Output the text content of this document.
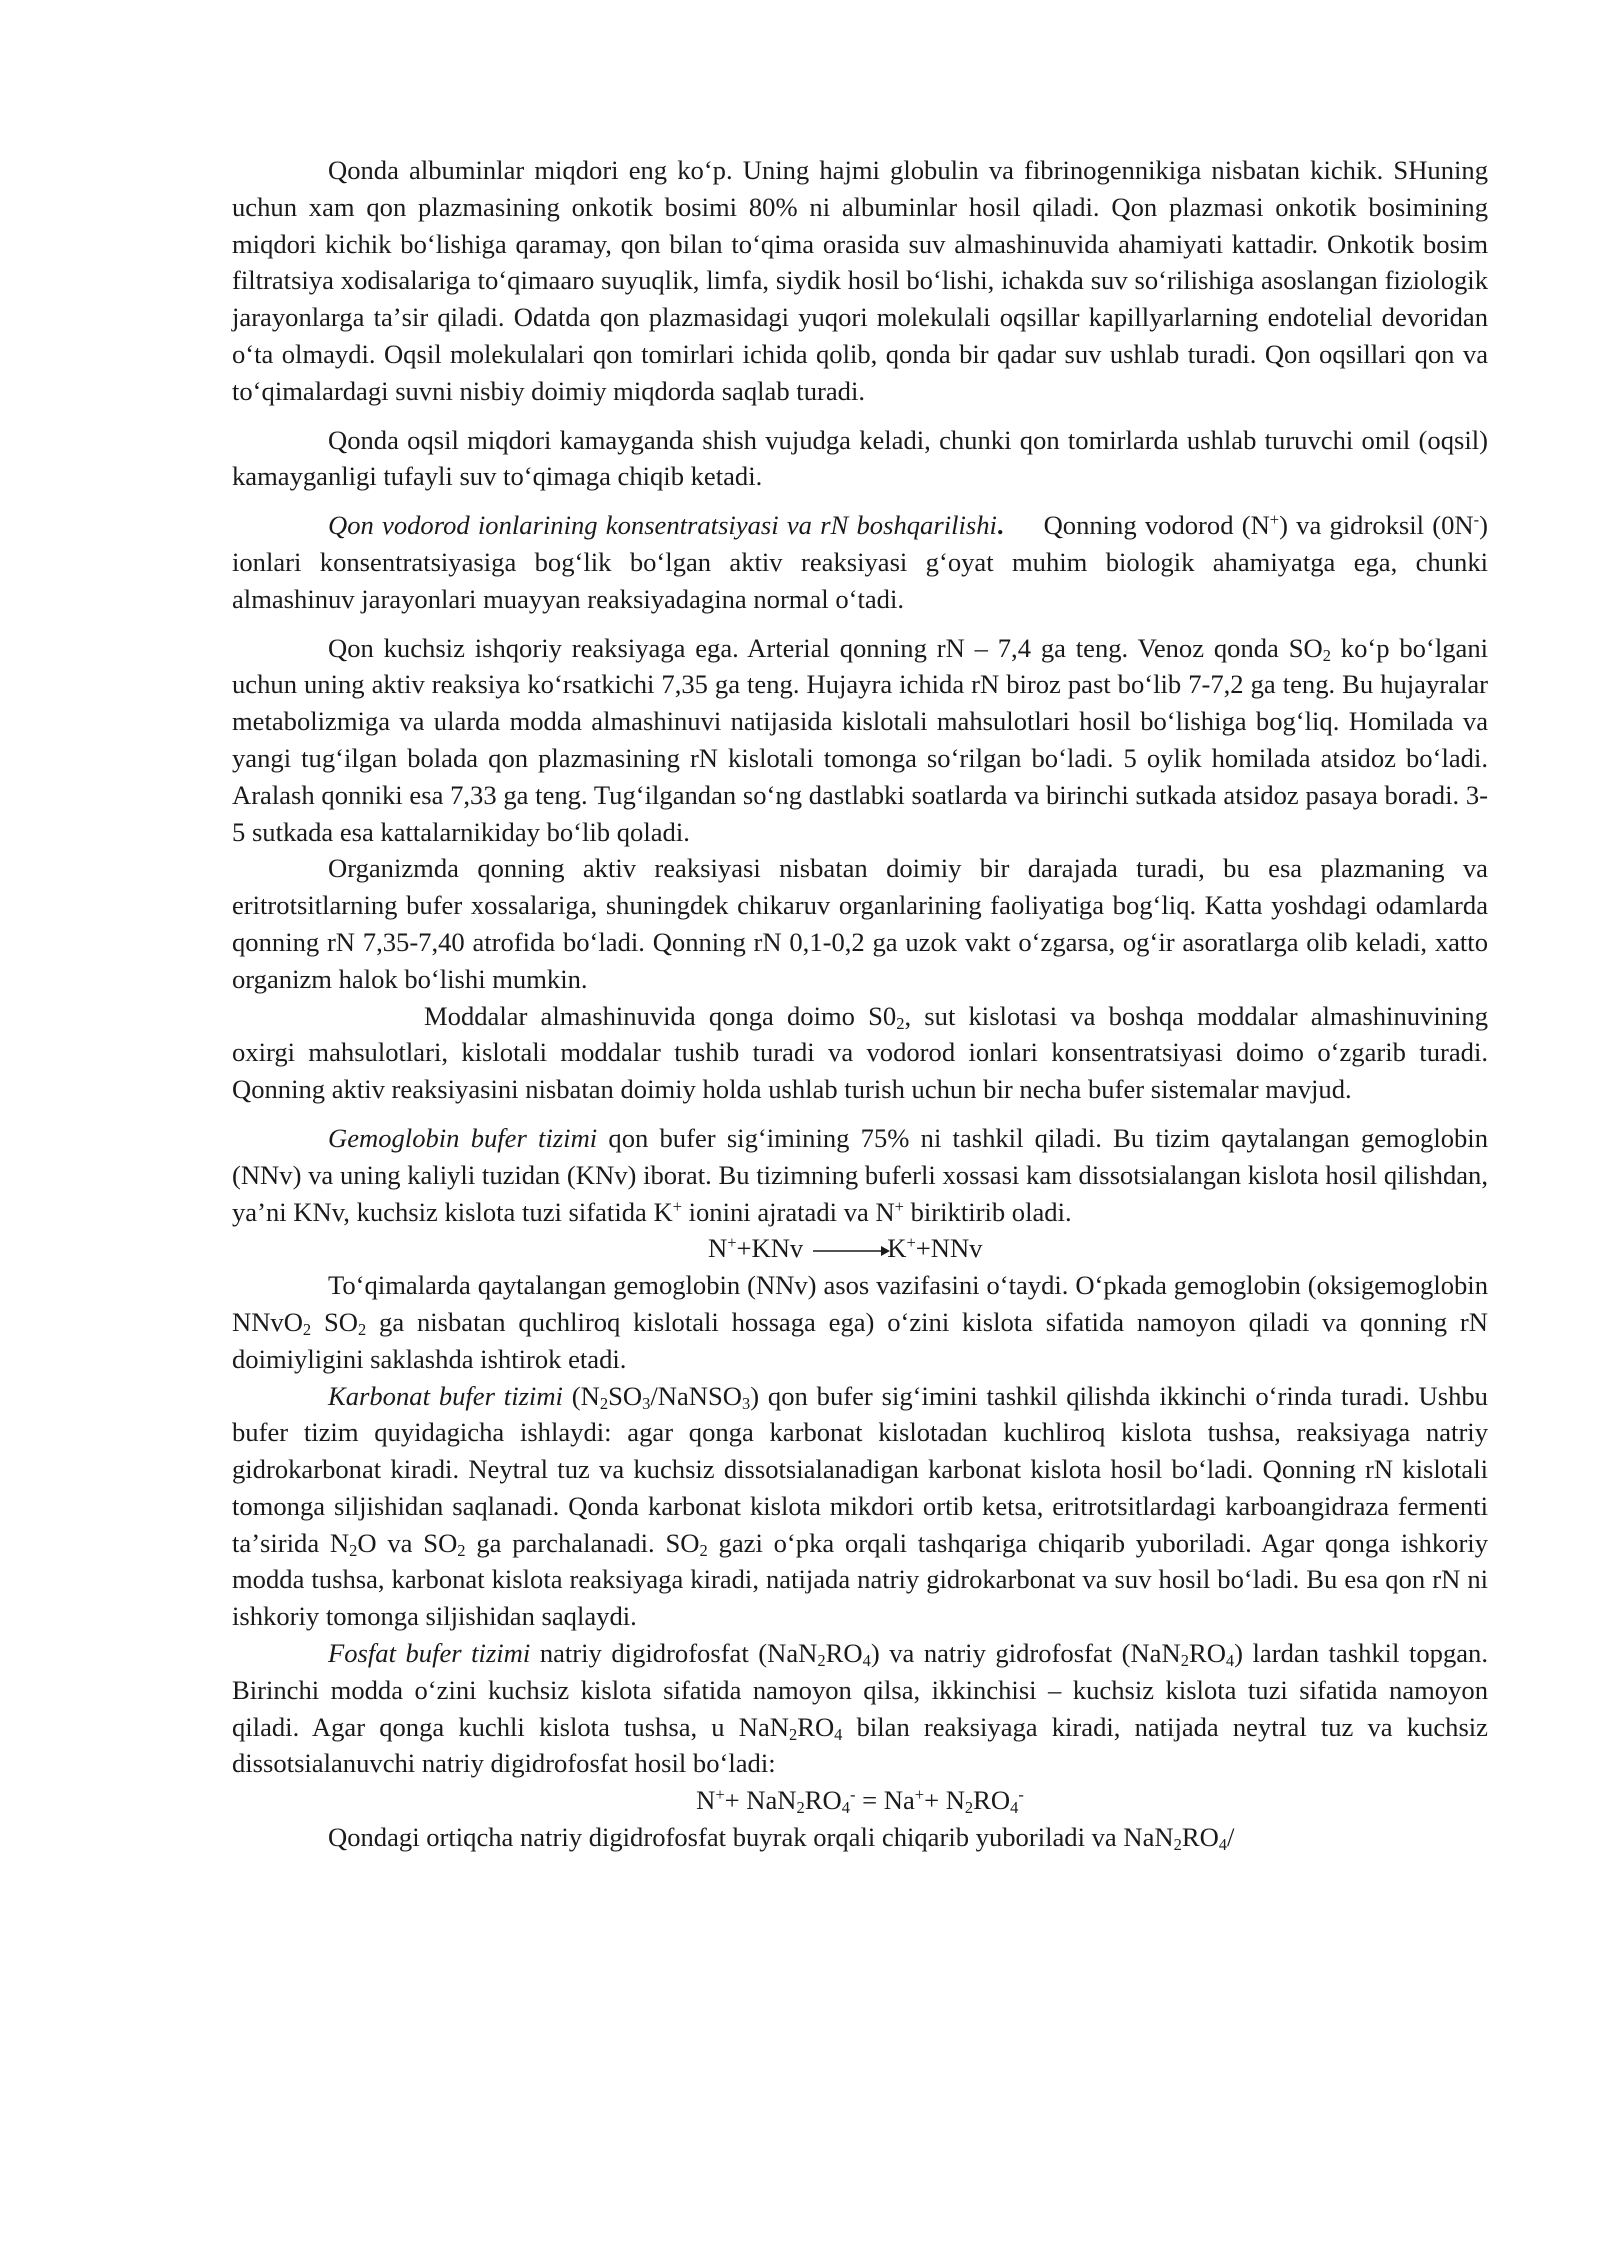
Qonda albuminlar miqdori eng koʻp. Uning hajmi globulin va fibrinogennikiga nisbatan kichik. SHuning uchun xam qon plazmasining onkotik bosimi 80% ni albuminlar hosil qiladi. Qon plazmasi onkotik bosimining miqdori kichik boʻlishiga qaramay, qon bilan toʻqima orasida suv almashinuvida ahamiyati kattadir. Onkotik bosim filtratsiya xodisalariga toʻqimaaro suyuqlik, limfa, siydik hosil boʻlishi, ichakda suv soʻrilishiga asoslangan fiziologik jarayonlarga taʼsir qiladi. Odatda qon plazmasidagi yuqori molekulali oqsillar kapillyarlarning endotelial devoridan oʻta olmaydi. Oqsil molekulalari qon tomirlari ichida qolib, qonda bir qadar suv ushlab turadi. Qon oqsillari qon va toʻqimalardagi suvni nisbiy doimiy miqdorda saqlab turadi.

Qonda oqsil miqdori kamayganda shish vujudga keladi, chunki qon tomirlarda ushlab turuvchi omil (oqsil) kamayganligi tufayli suv toʻqimaga chiqib ketadi.

Qon vodorod ionlarining konsentratsiyasi va rN boshqarilishi. Qonning vodorod (N+) va gidroksil (0N-) ionlari konsentratsiyasiga bogʻlik boʻlgan aktiv reaksiyasi gʻoyat muhim biologik ahamiyatga ega, chunki almashinuv jarayonlari muayyan reaksiyadagina normal oʻtadi.

Qon kuchsiz ishqoriy reaksiyaga ega. Arterial qonning rN – 7,4 ga teng. Venoz qonda $SO_2$ koʻp boʻlgani uchun uning aktiv reaksiya koʻrsatkichi 7,35 ga teng. Hujayra ichida rN biroz past boʻlib 7-7,2 ga teng. Bu hujayralar metabolizmiga va ularda modda almashinuvi natijasida kislotali mahsulotlari hosil boʻlishiga bogʻliq. Homilada va yangi tugʻilgan bolada qon plazmasining rN kislotali tomonga soʻrilgan boʻladi. 5 oylik homilada atsidoz boʻladi. Aralash qonniki esa 7,33 ga teng. Tugʻilgandan soʻng dastlabki soatlarda va birinchi sutkada atsidoz pasaya boradi. 3-5 sutkada esa kattalarnikiday boʻlib qoladi.

Organizmda qonning aktiv reaksiyasi nisbatan doimiy bir darajada turadi, bu esa plazmaning va eritrotsitlarning bufer xossalariga, shuningdek chikaruv organlarining faoliyatiga bogʻliq. Katta yoshdagi odamlarda qonning rN 7,35-7,40 atrofida boʻladi. Qonning rN 0,1-0,2 ga uzok vakt oʻzgarsa, ogʻir asoratlarga olib keladi, xatto organizm halok boʻlishi mumkin.

Moddalar almashinuvida qonga doimo $S0_2$, sut kislotasi va boshqa moddalar almashinuvining oxirgi mahsulotlari, kislotali moddalar tushib turadi va vodorod ionlari konsentratsiyasi doimo oʻzgarib turadi. Qonning aktiv reaksiyasini nisbatan doimiy holda ushlab turish uchun bir necha bufer sistemalar mavjud.

Gemoglobin bufer tizimi qon bufer sigʻimining 75% ni tashkil qiladi. Bu tizim qaytalangan gemoglobin (NNv) va uning kaliyli tuzidan (KNv) iborat. Bu tizimning buferli xossasi kam dissotsialangan kislota hosil qilishdan, yaʼni KNv, kuchsiz kislota tuzi sifatida K+ ionini ajratadi va N+ biriktirib oladi.

N++KNv →K++NNv

Toʻqimalarda qaytalangan gemoglobin (NNv) asos vazifasini oʻtaydi. Oʻpkada gemoglobin (oksigemoglobin NNvO$_2$ $SO_2$ ga nisbatan quchliroq kislotali hossaga ega) oʻzini kislota sifatida namoyon qiladi va qonning rN doimiyligini saklashda ishtirok etadi.

Karbonat bufer tizimi $(N_2SO_3/NaNSO_3)$ qon bufer sigʻimini tashkil qilishda ikkinchi oʻrinda turadi. Ushbu bufer tizim quyidagicha ishlaydi: agar qonga karbonat kislotadan kuchliroq kislota tushsa, reaksiyaga natriy gidrokarbonat kiradi. Neytral tuz va kuchsiz dissotsialanadigan karbonat kislota hosil boʻladi. Qonning rN kislotali tomonga siljishidan saqlanadi. Qonda karbonat kislota mikdori ortib ketsa, eritrotsitlardagi karboangidraza fermenti taʼsirida $N_2O$ va $SO_2$ ga parchalanadi. $SO_2$ gazi oʻpka orqali tashqariga chiqarib yuboriladi. Agar qonga ishkoriy modda tushsa, karbonat kislota reaksiyaga kiradi, natijada natriy gidrokarbonat va suv hosil boʻladi. Bu esa qon rN ni ishkoriy tomonga siljishidan saqlaydi.

Fosfat bufer tizimi natriy digidrofosfat $(NaN_2RO_4)$ va natriy gidrofosfat $(NaN_2RO_4)$ lardan tashkil topgan. Birinchi modda oʻzini kuchsiz kislota sifatida namoyon qilsa, ikkinchisi – kuchsiz kislota tuzi sifatida namoyon qiladi. Agar qonga kuchli kislota tushsa, u $NaN_2RO_4$ bilan reaksiyaga kiradi, natijada neytral tuz va kuchsiz dissotsialanuvchi natriy digidrofosfat hosil boʻladi:

$N^++ NaN_2RO_4^- = Na^++ N_2RO_4^-$

Qondagi ortiqcha natriy digidrofosfat buyrak orqali chiqarib yuboriladi va $NaN_2RO_4/$
